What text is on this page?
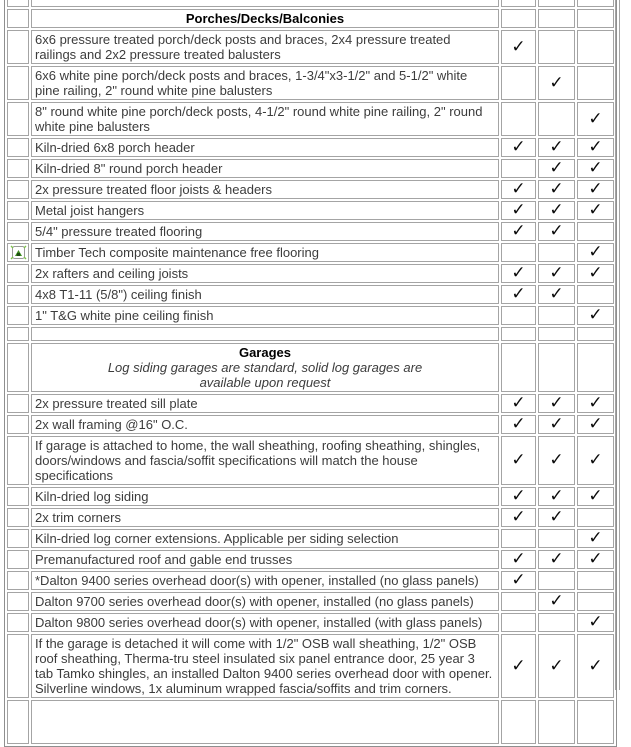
	Porches/Decks/Balconies			

	6x6 pressure treated porch/deck posts and braces, 2x4 pressure treated railings and 2x2 pressure treated balusters	✓		
	6x6 white pine porch/deck posts and braces, 1-3/4"x3-1/2" and 5-1/2" white pine railing, 2" round white pine balusters		✓	
	8" round white pine porch/deck posts, 4-1/2" round white pine railing, 2" round white pine balusters			✓
	Kiln-dried 6x8 porch header	✓	✓	✓
	Kiln-dried 8" round porch header		✓	✓
	2x pressure treated floor joists & headers	✓	✓	✓
	Metal joist hangers	✓	✓	✓
	5/4" pressure treated flooring	✓	✓	

	Timber Tech composite maintenance free flooring			✓
	2x rafters and ceiling joists	✓	✓	✓
	4x8 T1-11 (5/8") ceiling finish	✓	✓	
	1" T&G white pine ceiling finish			✓

	Garages
Log siding garages are standard, solid log garages are available upon request			

	2x pressure treated sill plate	✓	✓	✓
	2x wall framing @16" O.C.	✓	✓	✓
	If garage is attached to home, the wall sheathing, roofing sheathing, shingles, doors/windows and fascia/soffit specifications will match the house specifications	✓	✓	✓
	Kiln-dried log siding	✓	✓	✓
	2x trim corners	✓	✓	
	Kiln-dried log corner extensions. Applicable per siding selection			✓
	Premanufactured roof and gable end trusses	✓	✓	✓
	*Dalton 9400 series overhead door(s) with opener, installed (no glass panels)	✓		
	Dalton 9700 series overhead door(s) with opener, installed (no glass panels)		✓	
	Dalton 9800 series overhead door(s) with opener, installed (with glass panels)			✓
	If the garage is detached it will come with 1/2" OSB wall sheathing, 1/2" OSB roof sheathing, Therma-tru steel insulated six panel entrance door, 25 year 3 tab Tamko shingles, an installed Dalton 9400 series overhead door with opener. Silverline windows, 1x aluminum wrapped fascia/soffits and trim corners.	✓	✓	✓
